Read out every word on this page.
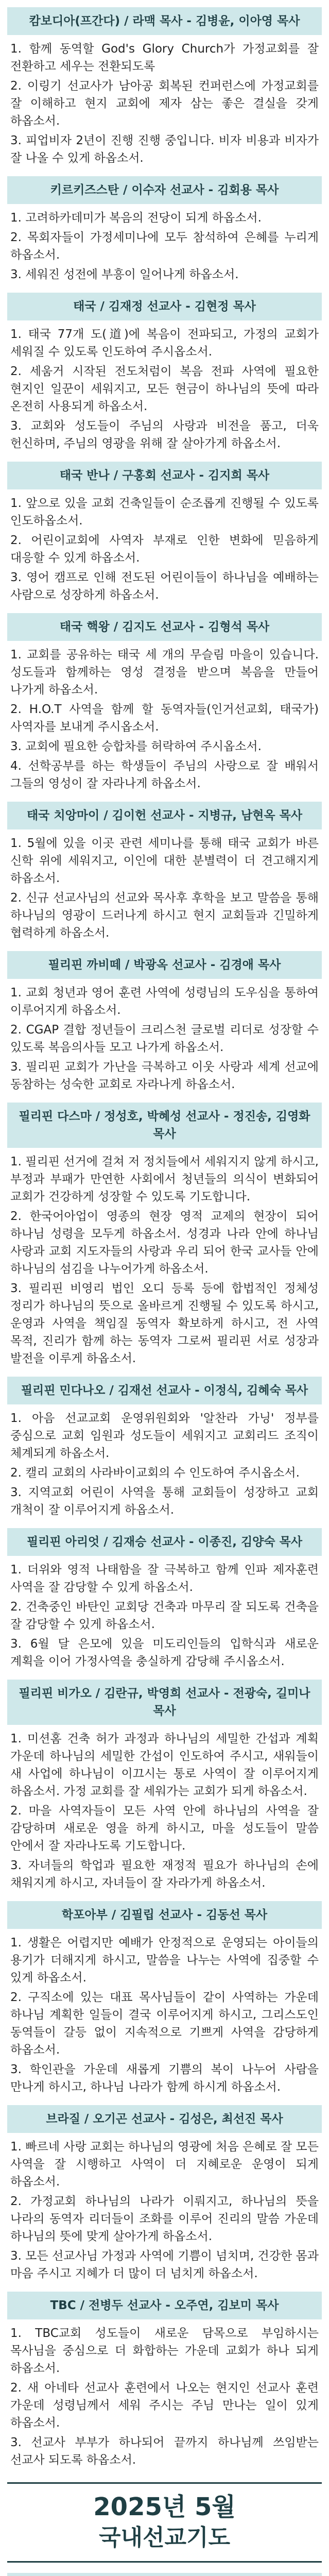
캄보디아(프간다) / 라맥 목사 - 김병윤, 이아영 목사
1. 함께 동역할 God's Glory Church가 가정교회를 잘 전환하고 세우는 전환되도록
2. 이링기 선교사가 남아공 회복된 컨퍼런스에 가정교회를 잘 이해하고 현지 교회에 제자 삼는 좋은 결실을 갖게 하옵소서.
3. 피업비자 2년이 진행 진행 중입니다. 비자 비용과 비자가 잘 나올 수 있게 하옵소서.
키르키즈스탄 / 이수자 선교사 - 김회용 목사
1. 고려하카데미가 복음의 전당이 되게 하옵소서.
2. 목회자들이 가정세미나에 모두 참석하여 은혜를 누리게 하옵소서.
3. 세워진 성전에 부흥이 일어나게 하옵소서.
태국 / 김재정 선교사 - 김현정 목사
1. 태국 77개 도(道)에 복음이 전파되고, 가정의 교회가 세워질 수 있도록 인도하여 주시옵소서.
2. 세움거 시작된 전도처럼이 복음 전파 사역에 필요한 현지인 일꾼이 세워지고, 모든 현금이 하나님의 뜻에 따라 온전히 사용되게 하옵소서.
3. 교회와 성도들이 주님의 사랑과 비전을 품고, 더욱 헌신하며, 주님의 영광을 위해 잘 살아가게 하옵소서.
태국 반나 / 구홍회 선교사 - 김지희 목사
1. 앞으로 있을 교회 건축일들이 순조롭게 진행될 수 있도록 인도하옵소서.
2. 어린이교회에 사역자 부재로 인한 변화에 믿음하게 대응할 수 있게 하옵소서.
3. 영어 캠프로 인해 전도된 어린이들이 하나님을 예배하는 사람으로 성장하게 하옵소서.
태국 핵왕 / 김지도 선교사 - 김형석 목사
1. 교회를 공유하는 태국 세 개의 무슬림 마을이 있습니다. 성도들과 함께하는 영성 결정을 받으며 복음을 만들어 나가게 하옵소서.
2. H.O.T 사역을 함께 할 동역자들(인거선교회, 태국가) 사역자를 보내게 주시옵소서.
3. 교회에 필요한 승합차를 허락하여 주시옵소서.
4. 선학공부를 하는 학생들이 주님의 사랑으로 잘 배워서 그들의 영성이 잘 자라나게 하옵소서.
태국 치앙마이 / 김이헌 선교사 - 지병규, 남현옥 목사
1. 5월에 있을 이곳 관련 세미나를 통해 태국 교회가 바른 신학 위에 세워지고, 이인에 대한 분별력이 더 견고해지게 하옵소서.
2. 신규 선교사님의 선교와 목사후 후학을 보고 말씀을 통해 하나님의 영광이 드러나게 하시고 현지 교회들과 긴밀하게 협력하게 하옵소서.
필리핀 까비떼 / 박광옥 선교사 - 김경애 목사
1. 교회 청년과 영어 훈련 사역에 성령님의 도우심을 통하여 이루어지게 하옵소서.
2. CGAP 결합 정년들이 크리스천 글로벌 리더로 성장할 수 있도록 복음의사들 모고 나가게 하옵소서.
3. 필리핀 교회가 가난을 극복하고 이웃 사랑과 세계 선교에 동참하는 성숙한 교회로 자라나게 하옵소서.
필리핀 다스마 / 정성호, 박혜성 선교사 - 정진송, 김영화 목사
1. 필리핀 선거에 걸쳐 저 정치들에서 세워지지 않게 하시고, 부정과 부패가 만연한 사회에서 청년들의 의식이 변화되어 교회가 건강하게 성장할 수 있도록 기도합니다.
2. 한국어아업이 영종의 현장 영적 교제의 현장이 되어 하나님 성령을 모두게 하옵소서. 성경과 나라 안에 하나님 사랑과 교회 지도자들의 사랑과 우리 되어 한국 교사들 안에 하나님의 섬김을 나누어가게 하옵소서.
3. 필리핀 비영리 법인 오디 등록 등에 합법적인 정체성 정리가 하나님의 뜻으로 올바르게 진행될 수 있도록 하시고, 운영과 사역을 책임질 동역자 확보하게 하시고, 전 사역 목적, 진리가 함께 하는 동역자 그로써 필리핀 서로 성장과 발전을 이루게 하옵소서.
필리핀 민다나오 / 김재선 선교사 - 이정식, 김혜숙 목사
1. 아음 선교교회 운영위원회와 '알찬라 가닝' 정부를 중심으로 교회 임원과 성도들이 세워지고 교회리드 조직이 체계되게 하옵소서.
2. 캘리 교회의 사라바이교회의 수 인도하여 주시옵소서.
3. 지역교회 어린이 사역을 통해 교회들이 성장하고 교회 개척이 잘 이루어지게 하옵소서.
필리핀 아리엇 / 김재승 선교사 - 이종진, 김양숙 목사
1. 더위와 영적 나태함을 잘 극복하고 함께 인파 제자훈련 사역을 잘 감당할 수 있게 하옵소서.
2. 건축중인 바탄인 교회당 건축과 마무리 잘 되도록 건축을 잘 감당할 수 있게 하옵소서.
3. 6월 달 은모에 있을 미도리인들의 입학식과 새로운 계획을 이어 가정사역을 충실하게 감당해 주시옵소서.
필리핀 비가오 / 김란규, 박영희 선교사 - 전광숙, 길미나 목사
1. 미션홈 건축 허가 과정과 하나님의 세밀한 간섭과 계획 가운데 하나님의 세밀한 간섭이 인도하여 주시고, 새워들이 새 사업에 하나님이 이끄시는 통로 사역이 잘 이루어지게 하옵소서. 가정 교회를 잘 세워가는 교회가 되게 하옵소서.
2. 마을 사역자들이 모든 사역 안에 하나님의 사역을 잘 감당하며 새로운 영을 하게 하시고, 마을 성도들이 말씀 안에서 잘 자라나도록 기도합니다.
3. 자녀들의 학업과 필요한 재정적 필요가 하나님의 손에 채워지게 하시고, 자녀들이 잘 자라가게 하옵소서.
학포아부 / 김필립 선교사 - 김동선 목사
1. 생활은 어렵지만 예배가 안정적으로 운영되는 아이들의 용기가 더해지게 하시고, 말씀을 나누는 사역에 집중할 수 있게 하옵소서.
2. 구직소에 있는 대표 목사님들이 같이 사역하는 가운데 하나님 계획한 일들이 결국 이루어지게 하시고, 그리스도인 동역들이 갈등 없이 지속적으로 기쁘게 사역을 감당하게 하옵소서.
3. 학인관을 가운데 새롭게 기쁨의 복이 나누어 사람을 만나게 하시고, 하나님 나라가 함께 하시게 하옵소서.
브라질 / 오기곤 선교사 - 김성은, 최선진 목사
1. 빠르네 사랑 교회는 하나님의 영광에 처음 은혜로 잘 모든 사역을 잘 시행하고 사역이 더 지혜로운 운영이 되게 하옵소서.
2. 가정교회 하나님의 나라가 이뤄지고, 하나님의 뜻을 나라의 동역자 리더들이 조화를 이루어 진리의 말씀 가운데 하나님의 뜻에 맞게 살아가게 하옵소서.
3. 모든 선교사님 가정과 사역에 기쁨이 넘치며, 건강한 몸과 마음 주시고 지혜가 더 많이 더 넘치게 하옵소서.
TBC / 전병두 선교사 - 오주연, 김보미 목사
1. TBC교회 성도들이 새로운 담목으로 부임하시는 목사님을 중심으로 더 화합하는 가운데 교회가 하나 되게 하옵소서.
2. 새 아네타 선교사 훈련에서 나오는 현지인 선교사 훈련 가운데 성령님께서 세워 주시는 주님 만나는 일이 있게 하옵소서.
3. 선교사 부부가 하나되어 끝까지 하나님께 쓰임받는 선교사 되도록 하옵소서.
2025년 5월
국내선교기도
